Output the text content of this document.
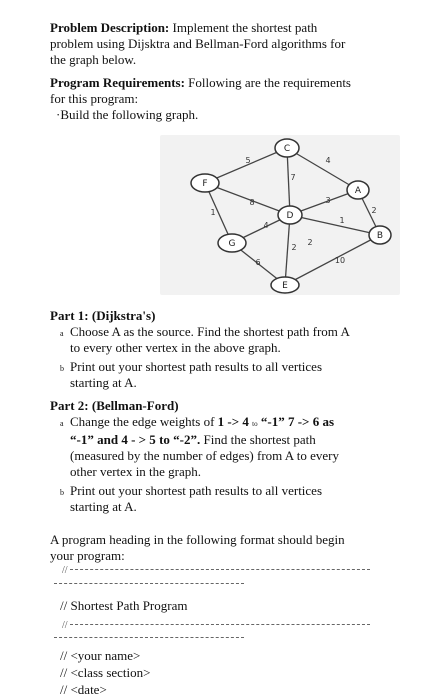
Problem Description: Implement the shortest path
problem using Dijsktra and Bellman-Ford algorithms for
the graph below.
Program Requirements: Following are the requirements
for this program:
·Build the following graph.
C
F
D
A
G
B
E
5	4
7
1
8	3
4
1
2
2
6
2
10
Part 1: (Dijkstra's)
a Choose A as the source. Find the shortest path from A
to every other vertex in the above graph.
b Print out your shortest path results to all vertices
starting at A.
Part 2: (Bellman-Ford)
a Change the edge weights of 1 -> 4 to “-1” 7 -> 6 as
“-1” and 4 - > 5 to “-2”. Find the shortest path
(measured by the number of edges) from A to every
other vertex in the graph.
b Print out your shortest path results to all vertices
starting at A.
A program heading in the following format should begin
your program:
//
// Shortest Path Program
//
// <your name>
// <class section>
// <date>
